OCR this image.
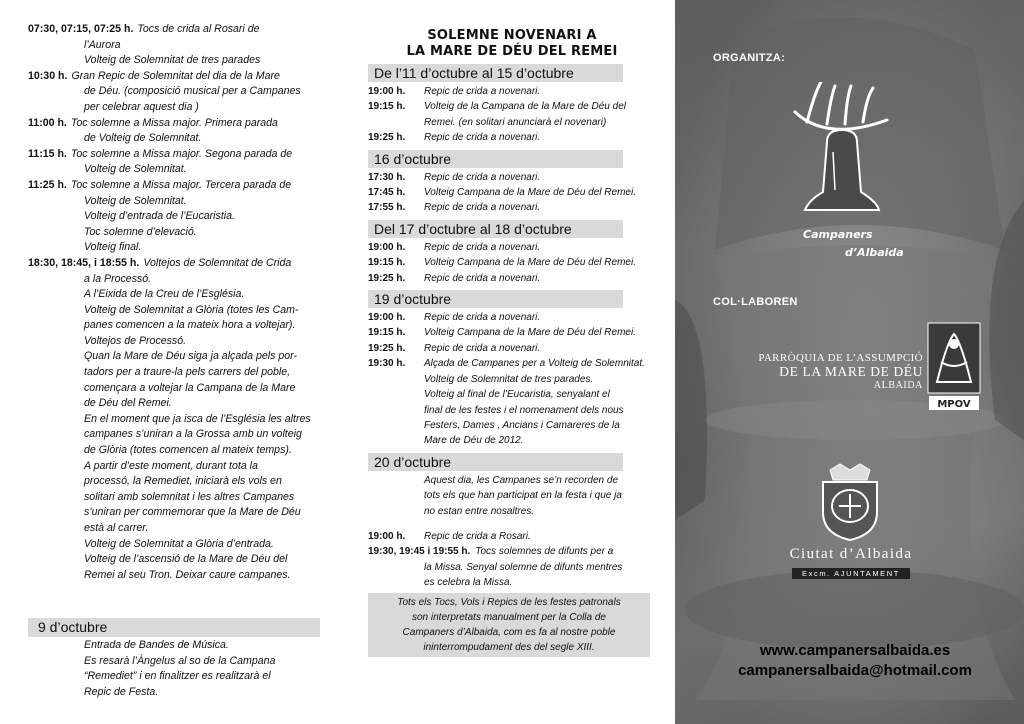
07:30, 07:15, 07:25 h. Tocs de crida al Rosari de
l’Aurora
Volteig de Solemnitat de tres parades
10:30 h. Gran Repic de Solemnitat del dia de la Mare
de Déu. (composició musical per a Campanes
per celebrar aquest dia )
11:00 h. Toc solemne a Missa major. Primera parada
de Volteig de Solemnitat.
11:15 h. Toc solemne a Missa major. Segona parada de
Volteig de Solemnitat.
11:25 h. Toc solemne a Missa major. Tercera parada de
Volteig de Solemnitat.
Volteig d’entrada de l’Eucaristia.
Toc solemne d’elevació.
Volteig final.
18:30, 18:45, i 18:55 h. Voltejos de Solemnitat de Crida
a la Processó.
A l’Eixida de la Creu de l’Església.
Volteig de Solemnitat a Glòria (totes les Cam-
panes comencen a la mateix hora a voltejar).
Voltejos de Processó.
Quan la Mare de Déu siga ja alçada pels por-
tadors per a traure-la pels carrers del poble,
començara a voltejar la Campana de la Mare
de Déu del Remei.
En el moment que ja isca de l’Església les altres
campanes s’uniran a la Grossa amb un volteig
de Glòria (totes comencen al mateix temps).
A partir d’este moment, durant tota la
processó, la Remediet, iniciarà els vols en
solitari amb solemnitat i les altres Campanes
s’uniran per commemorar que la Mare de Déu
està al carrer.
Volteig de Solemnitat a Glòria d’entrada.
Volteig de l’ascensió de la Mare de Déu del
Remei al seu Tron. Deixar caure campanes.
9 d’octubre
Entrada de Bandes de Música.
Es resarà l’Àngelus al so de la Campana
“Remediet” i en finalitzer es realitzarà el
Repic de Festa.
SOLEMNE NOVENARI A
LA MARE DE DÉU DEL REMEI
De l’11 d’octubre al 15 d’octubre
19:00 h.	Repic de crida a novenari.
19:15 h.	Volteig de la Campana de la Mare de Déu del
Remei. (en solitari anunciarà el novenari)
19:25 h.	Repic de crida a novenari.
16 d’octubre
17:30 h.	Repic de crida a novenari.
17:45 h.	Volteig Campana de la Mare de Déu del Remei.
17:55 h.	Repic de crida a novenari.
Del 17 d’octubre al 18 d’octubre
19:00 h.	Repic de crida a novenari.
19:15 h.	Volteig Campana de la Mare de Déu del Remei.
19:25 h.	Repic de crida a novenari.
19 d’octubre
19:00 h.	Repic de crida a novenari.
19:15 h.	Volteig Campana de la Mare de Déu del Remei.
19:25 h.	Repic de crida a novenari.
19:30 h.	Alçada de Campanes per a Volteig de Solemnitat.
Volteig de Solemnitat de tres parades.
Volteig al final de l’Eucaristia, senyalant el
final de les festes i el nomenament dels nous
Festers, Dames , Ancians i Camareres de la
Mare de Déu de 2012.
20 d’octubre
Aquest dia, les Campanes se’n recorden de
tots els que han participat en la festa i que ja
no estan entre nosaltres.
19:00 h.	Repic de crida a Rosari.
19:30, 19:45 i 19:55 h. Tocs solemnes de difunts per a
la Missa. Senyal solemne de difunts mentres
es celebra la Missa.
Tots els Tocs, Vols i Repics de les festes patronals
son interpretats manualment per la Colla de
Campaners d’Albaida, com es fa al nostre poble
ininterrompudament des del segle XIII.
ORGANITZA:
Campaners
d’Albaida
COL·LABOREN
MPOV
PARRÒQUIA DE L’ASSUMPCIÓ
DE LA MARE DE DÉU
ALBAIDA
Ciutat d’Albaida
Excm. AJUNTAMENT
www.campanersalbaida.es
campanersalbaida@hotmail.com
